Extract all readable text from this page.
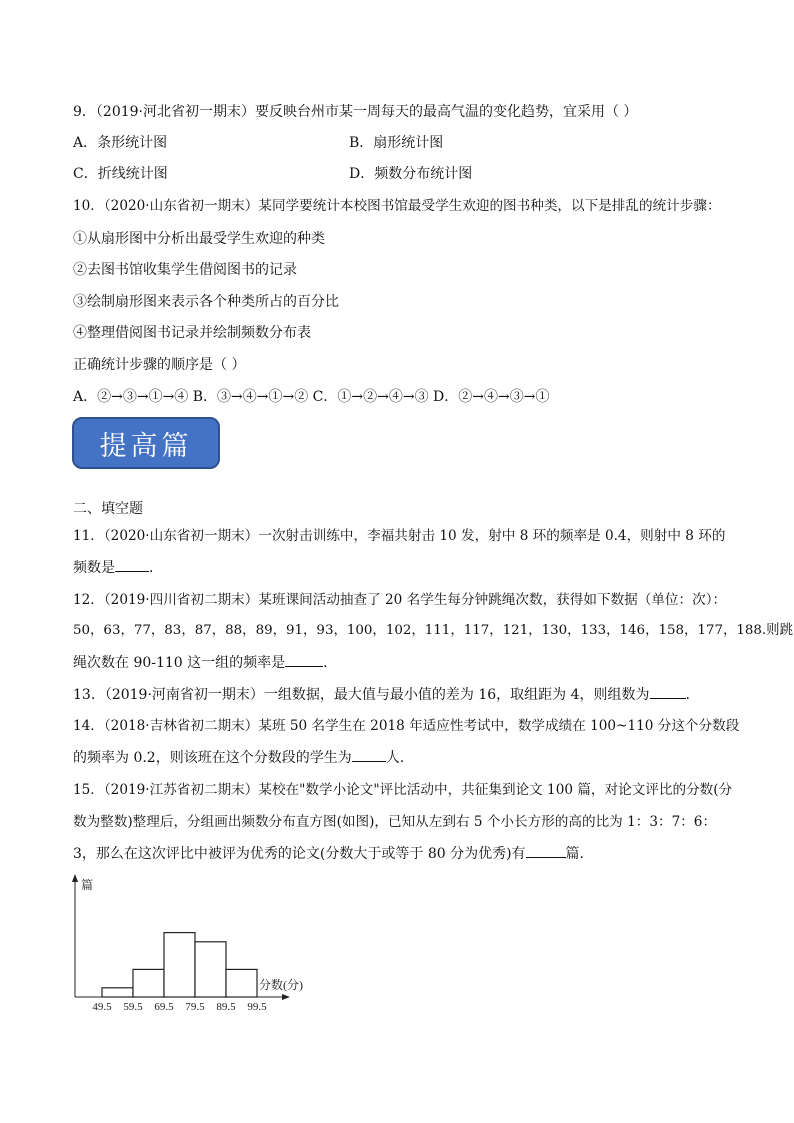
9．（2019·河北省初一期末）要反映台州市某一周每天的最高气温的变化趋势，宜采用（ ）
A．条形统计图	B．扇形统计图
C．折线统计图	D．频数分布统计图
10．（2020·山东省初一期末）某同学要统计本校图书馆最受学生欢迎的图书种类，以下是排乱的统计步骤：
①从扇形图中分析出最受学生欢迎的种类
②去图书馆收集学生借阅图书的记录
③绘制扇形图来表示各个种类所占的百分比
④整理借阅图书记录并绘制频数分布表
正确统计步骤的顺序是（ ）
A．②→③→①→④ B．③→④→①→② C．①→②→④→③ D．②→④→③→①
提高篇
二、填空题
11．（2020·山东省初一期末）一次射击训练中，李福共射击 10 发，射中 8 环的频率是 0.4，则射中 8 环的
频数是 .
12．（2019·四川省初二期末）某班课间活动抽查了 20 名学生每分钟跳绳次数，获得如下数据（单位：次）：
50，63，77，83，87，88，89，91，93，100，102，111，117，121，130，133，146，158，177，188.则跳
绳次数在 90-110 这一组的频率是	.
13．（2019·河南省初一期末）一组数据，最大值与最小值的差为 16，取组距为 4，则组数为	.
14．（2018·吉林省初二期末）某班 50 名学生在 2018 年适应性考试中，数学成绩在 100~110 分这个分数段
的频率为 0.2，则该班在这个分数段的学生为 人.
15．（2019·江苏省初二期末）某校在"数学小论文"评比活动中，共征集到论文 100 篇，对论文评比的分数(分
数为整数)整理后，分组画出频数分布直方图(如图)，已知从左到右 5 个小长方形的高的比为 1：3：7：6：
3，那么在这次评比中被评为优秀的论文(分数大于或等于 80 分为优秀)有	篇.
篇
分数(分)
49.5 59.5 69.5 79.5 89.5 99.5
